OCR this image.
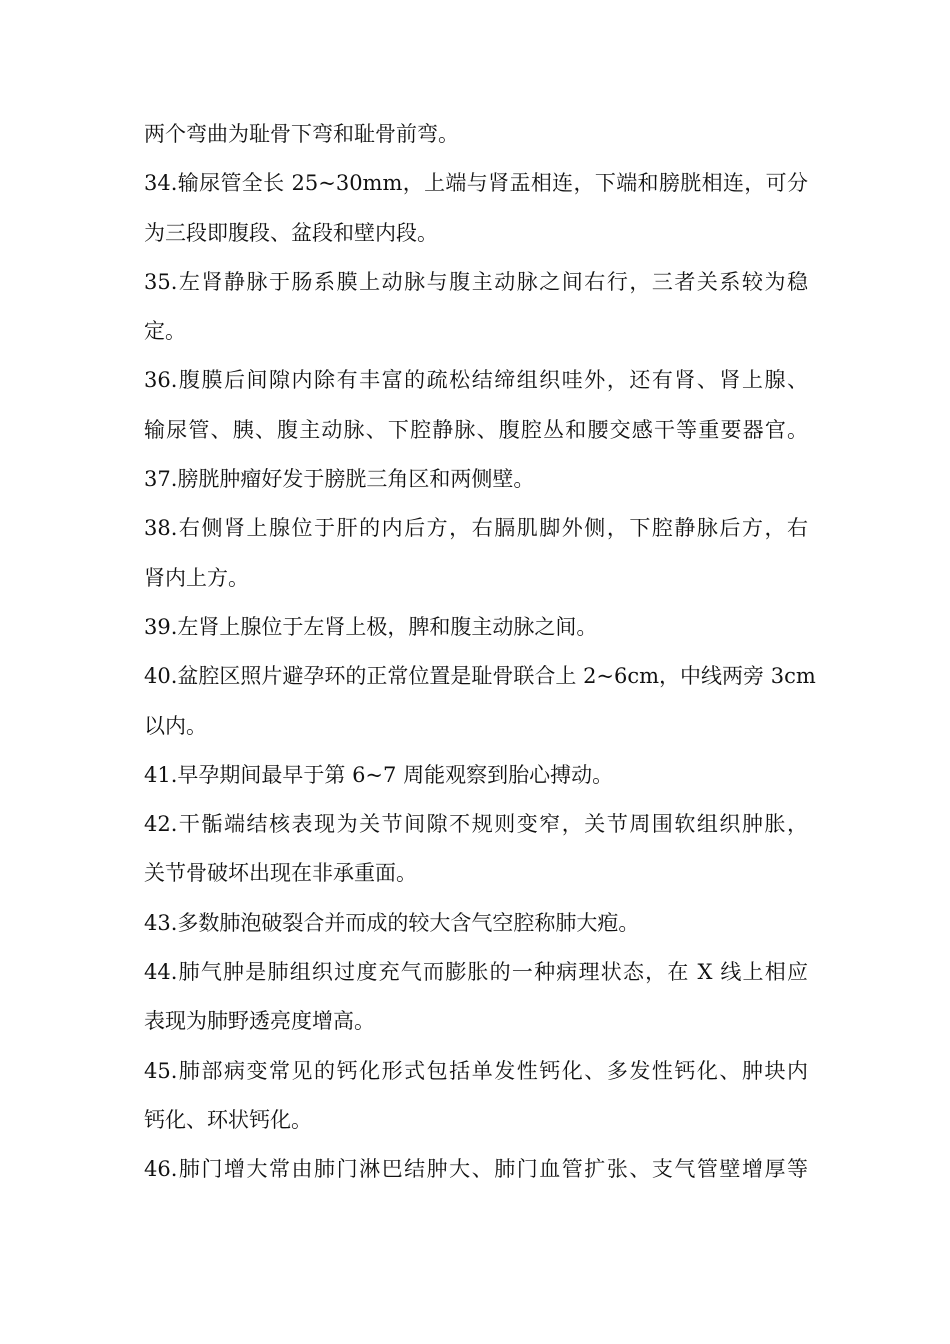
两个弯曲为耻骨下弯和耻骨前弯。
34.输尿管全长 25~30mm，上端与肾盂相连，下端和膀胱相连，可分
为三段即腹段、盆段和壁内段。
35.左肾静脉于肠系膜上动脉与腹主动脉之间右行，三者关系较为稳
定。
36.腹膜后间隙内除有丰富的疏松结缔组织哇外，还有肾、肾上腺、
输尿管、胰、腹主动脉、下腔静脉、腹腔丛和腰交感干等重要器官。
37.膀胱肿瘤好发于膀胱三角区和两侧壁。
38.右侧肾上腺位于肝的内后方，右膈肌脚外侧，下腔静脉后方，右
肾内上方。
39.左肾上腺位于左肾上极，脾和腹主动脉之间。
40.盆腔区照片避孕环的正常位置是耻骨联合上 2~6cm，中线两旁 3cm
以内。
41.早孕期间最早于第 6~7 周能观察到胎心搏动。
42.干骺端结核表现为关节间隙不规则变窄，关节周围软组织肿胀，
关节骨破坏出现在非承重面。
43.多数肺泡破裂合并而成的较大含气空腔称肺大疱。
44.肺气肿是肺组织过度充气而膨胀的一种病理状态，在 X 线上相应
表现为肺野透亮度增高。
45.肺部病变常见的钙化形式包括单发性钙化、多发性钙化、肿块内
钙化、环状钙化。
46.肺门增大常由肺门淋巴结肿大、肺门血管扩张、支气管壁增厚等
